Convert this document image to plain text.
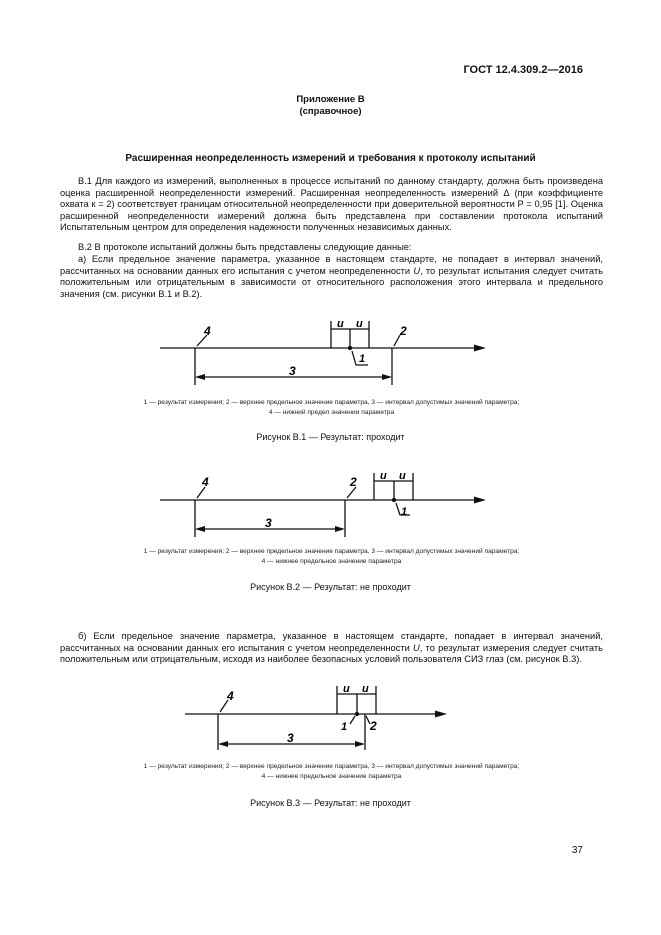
ГОСТ 12.4.309.2—2016
Приложение В
(справочное)
Расширенная неопределенность измерений и требования к протоколу испытаний
В.1 Для каждого из измерений, выполненных в процессе испытаний по данному стандарту, должна быть произведена оценка расширенной неопределенности измерений. Расширенная неопределенность измерений Δ (при коэффициенте охвата к = 2) соответствует границам относительной неопределенности при доверительной вероятности Р = 0,95 [1]. Оценка расширенной неопределенности измерений должна быть представлена при составлении протокола испытаний Испытательным центром для определения надежности полученных независимых данных.
В.2 В протоколе испытаний должны быть представлены следующие данные:
а) Если предельное значение параметра, указанное в настоящем стандарте, не попадает в интервал значений, рассчитанных на основании данных его испытания с учетом неопределенности U, то результат испытания следует считать положительным или отрицательным в зависимости от относительного расположения этого интервала и предельного значения (см. рисунки В.1 и В.2).
4	2
1
3
u u
1 — результат измерения; 2 — верхнее предельное значение параметра, 3 — интервал допустимых значений параметра;
4 — нижний предел значении параметра
Рисунок В.1 — Результат: проходит
4	2
1
3
u u
1 — результат измерения; 2 — верхнее предельное значение параметра, 3 — интервал допустимых значений параметра;
4 — нижнее предельное значение параметра
Рисунок В.2 — Результат: не проходит
б) Если предельное значение параметра, указанное в настоящем стандарте, попадает в интервал значений, рассчитанных на основании данных его испытания с учетом неопределенности U, то результат измерения следует считать положительным или отрицательным, исходя из наиболее безопасных условий пользователя СИЗ глаз (см. рисунок В.3).
4
1 2
3
u u
1 — результат измерения; 2 — верхнее предельное значение параметра, 3 — интервал допустимых значений параметра;
4 — нижнее предельное значение параметра
Рисунок В.3 — Результат: не проходит
37
